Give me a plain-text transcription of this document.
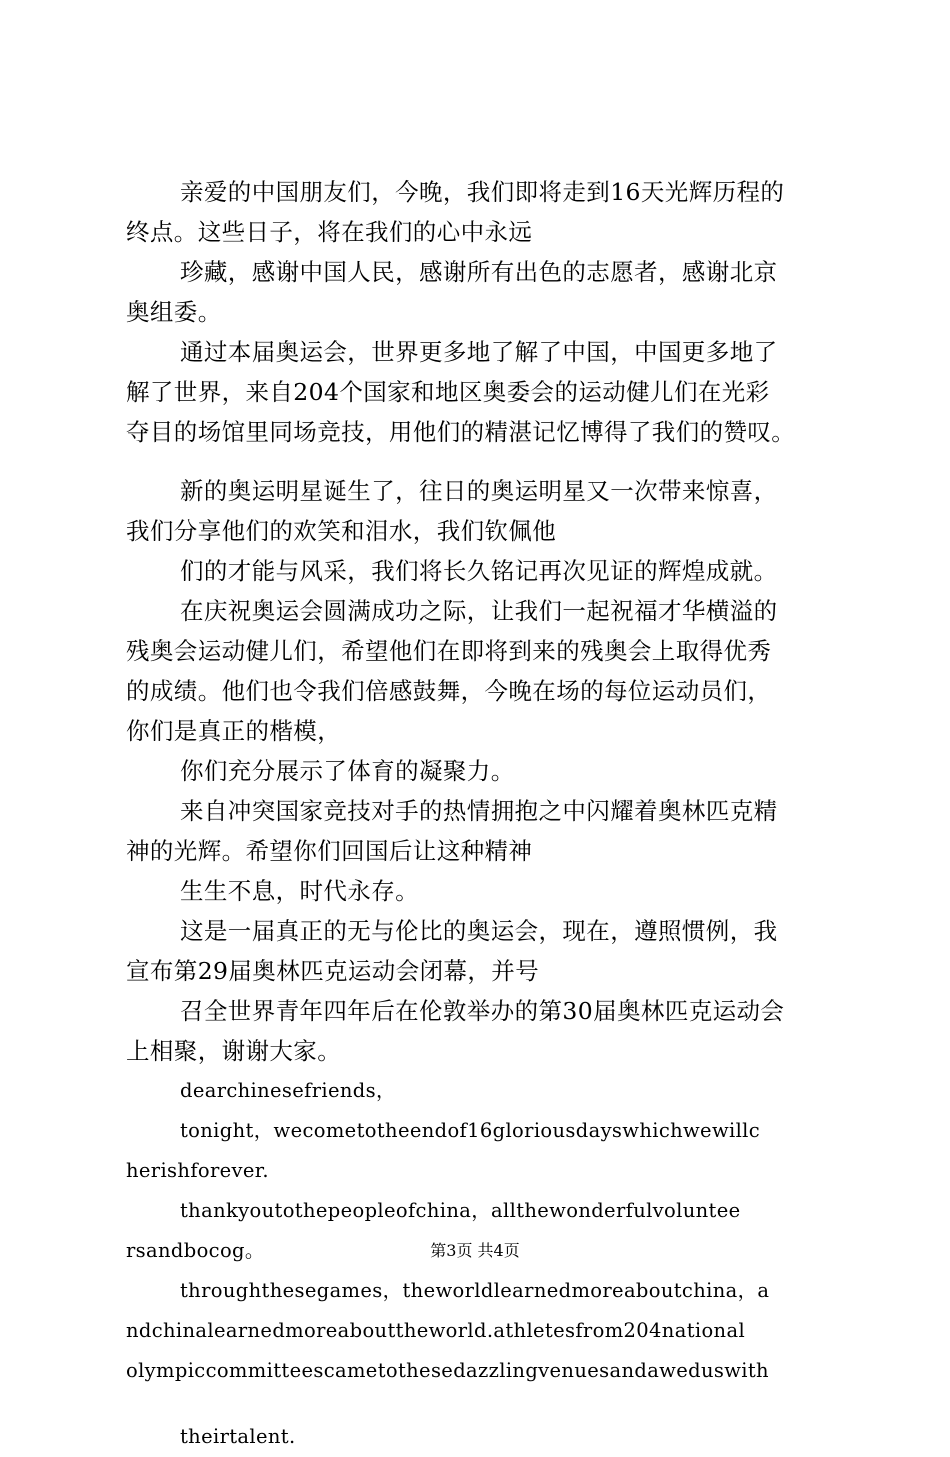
亲爱的中国朋友们，今晚，我们即将走到16天光辉历程的
终点。这些日子，将在我们的心中永远
珍藏，感谢中国人民，感谢所有出色的志愿者，感谢北京
奥组委。
通过本届奥运会，世界更多地了解了中国，中国更多地了
解了世界，来自204个国家和地区奥委会的运动健儿们在光彩
夺目的场馆里同场竞技，用他们的精湛记忆博得了我们的赞叹。
新的奥运明星诞生了，往日的奥运明星又一次带来惊喜，
我们分享他们的欢笑和泪水，我们钦佩他
们的才能与风采，我们将长久铭记再次见证的辉煌成就。
在庆祝奥运会圆满成功之际，让我们一起祝福才华横溢的
残奥会运动健儿们，希望他们在即将到来的残奥会上取得优秀
的成绩。他们也令我们倍感鼓舞，今晚在场的每位运动员们，
你们是真正的楷模，
你们充分展示了体育的凝聚力。
来自冲突国家竞技对手的热情拥抱之中闪耀着奥林匹克精
神的光辉。希望你们回国后让这种精神
生生不息，时代永存。
这是一届真正的无与伦比的奥运会，现在，遵照惯例，我
宣布第29届奥林匹克运动会闭幕，并号
召全世界青年四年后在伦敦举办的第30届奥林匹克运动会
上相聚，谢谢大家。
dearchinesefriends，
tonight，wecometotheendof16gloriousdayswhichwewillc
herishforever.
thankyoutothepeopleofchina，allthewonderfulvoluntee
rsandbocog。
throughthesegames，theworldlearnedmoreaboutchina，a
ndchinalearnedmoreabouttheworld.athletesfrom204national
olympiccommitteescametothesedazzlingvenuesandaweduswith
theirtalent.
第3页 共4页
